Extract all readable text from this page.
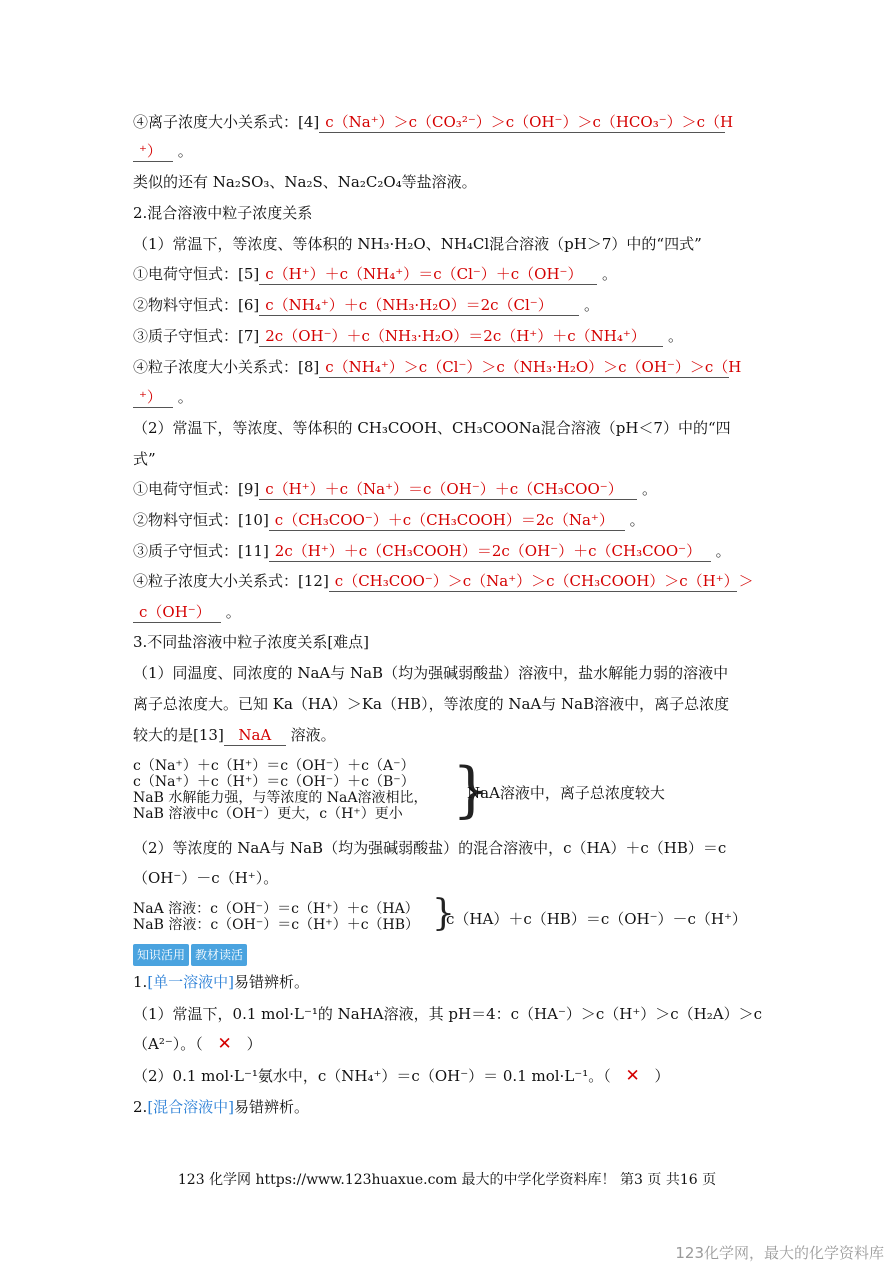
④离子浓度大小关系式：[4] c（Na⁺）＞c（CO₃²⁻）＞c（OH⁻）＞c（HCO₃⁻）＞c（H
⁺） 。
类似的还有 Na₂SO₃、Na₂S、Na₂C₂O₄等盐溶液。
2.混合溶液中粒子浓度关系
（1）常温下，等浓度、等体积的 NH₃·H₂O、NH₄Cl混合溶液（pH＞7）中的“四式”
①电荷守恒式：[5] c（H⁺）＋c（NH₄⁺）＝c（Cl⁻）＋c（OH⁻） 。
②物料守恒式：[6] c（NH₄⁺）＋c（NH₃·H₂O）＝2c（Cl⁻） 。
③质子守恒式：[7] 2c（OH⁻）＋c（NH₃·H₂O）＝2c（H⁺）＋c（NH₄⁺） 。
④粒子浓度大小关系式：[8] c（NH₄⁺）＞c（Cl⁻）＞c（NH₃·H₂O）＞c（OH⁻）＞c（H
⁺） 。
（2）常温下，等浓度、等体积的 CH₃COOH、CH₃COONa混合溶液（pH＜7）中的“四
式”
①电荷守恒式：[9] c（H⁺）＋c（Na⁺）＝c（OH⁻）＋c（CH₃COO⁻） 。
②物料守恒式：[10] c（CH₃COO⁻）＋c（CH₃COOH）＝2c（Na⁺） 。
③质子守恒式：[11] 2c（H⁺）＋c（CH₃COOH）＝2c（OH⁻）＋c（CH₃COO⁻） 。
④粒子浓度大小关系式：[12] c（CH₃COO⁻）＞c（Na⁺）＞c（CH₃COOH）＞c（H⁺）＞
c（OH⁻） 。
3.不同盐溶液中粒子浓度关系[难点]
（1）同温度、同浓度的 NaA与 NaB（均为强碱弱酸盐）溶液中，盐水解能力弱的溶液中
离子总浓度大。已知 Ka（HA）＞Ka（HB），等浓度的 NaA与 NaB溶液中，离子总浓度
较大的是[13] NaA 溶液。
c（Na⁺）＋c（H⁺）＝c（OH⁻）＋c（A⁻）
c（Na⁺）＋c（H⁺）＝c（OH⁻）＋c（B⁻）
NaB 水解能力强，与等浓度的 NaA溶液相比，
NaB 溶液中c（OH⁻）更大，c（H⁺）更小 }
NaA溶液中，离子总浓度较大
（2）等浓度的 NaA与 NaB（均为强碱弱酸盐）的混合溶液中，c（HA）＋c（HB）＝c
（OH⁻）－c（H⁺）。
NaA 溶液：c（OH⁻）＝c（H⁺）＋c（HA）
NaB 溶液：c（OH⁻）＝c（H⁺）＋c（HB） }
c（HA）＋c（HB）＝c（OH⁻）－c（H⁺）
知识活用 教材读活
1.[单一溶液中]易错辨析。
（1）常温下，0.1 mol·L⁻¹的 NaHA溶液，其 pH＝4：c（HA⁻）＞c（H⁺）＞c（H₂A）＞c
（A²⁻）。（ ✕ ）
（2）0.1 mol·L⁻¹氨水中，c（NH₄⁺）＝c（OH⁻）＝ 0.1 mol·L⁻¹。（ ✕ ）
2.[混合溶液中]易错辨析。
123 化学网 https://www.123huaxue.com 最大的中学化学资料库！ 第3 页 共16 页
123化学网，最大的化学资料库
